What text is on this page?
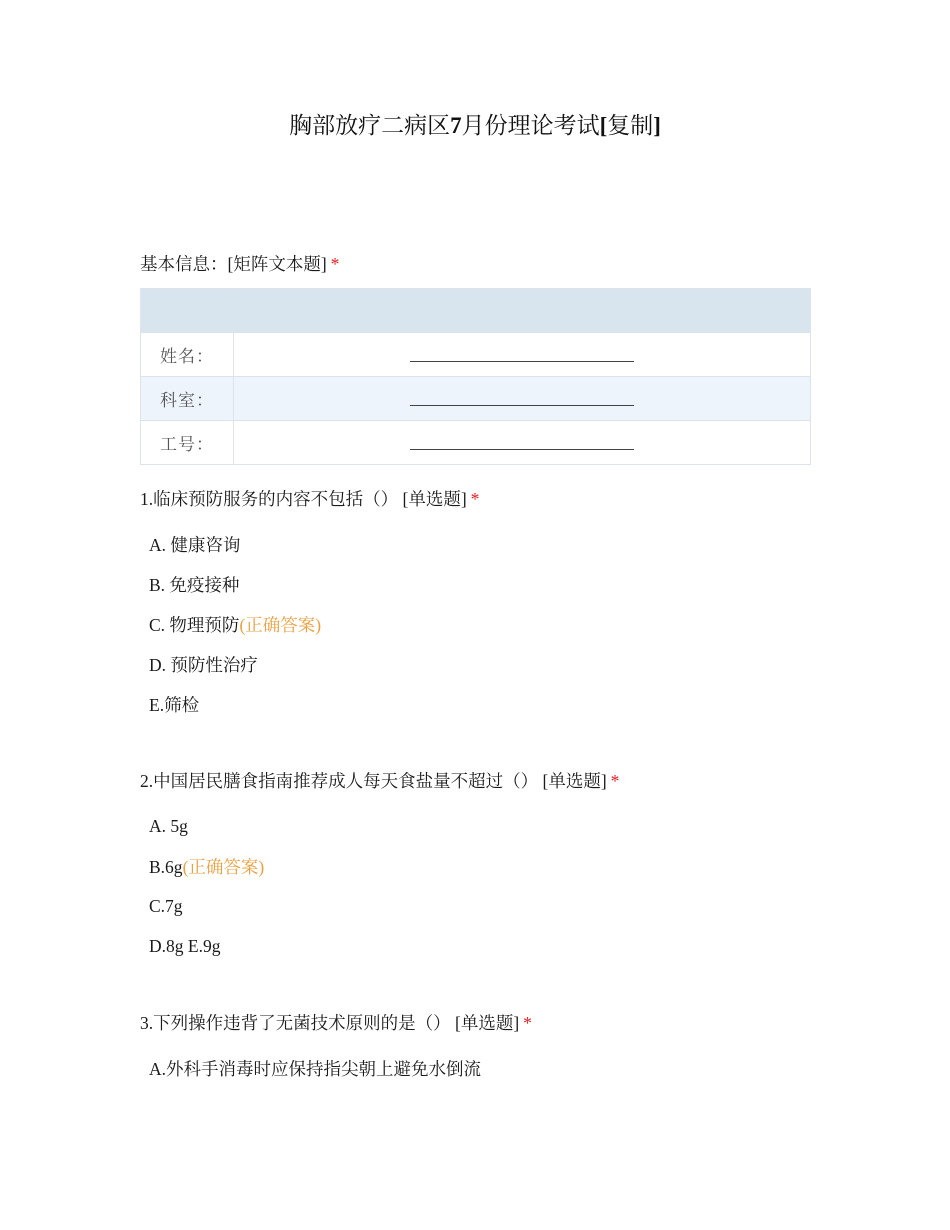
胸部放疗二病区7月份理论考试[复制]
基本信息：[矩阵文本题] *

姓名：	
科室：	
工号：	
1.临床预防服务的内容不包括（） [单选题] *
A. 健康咨询
B. 免疫接种
C. 物理预防(正确答案)
D. 预防性治疗
E.筛检
2.中国居民膳食指南推荐成人每天食盐量不超过（） [单选题] *
A. 5g
B.6g(正确答案)
C.7g
D.8g E.9g
3.下列操作违背了无菌技术原则的是（） [单选题] *
A.外科手消毒时应保持指尖朝上避免水倒流
